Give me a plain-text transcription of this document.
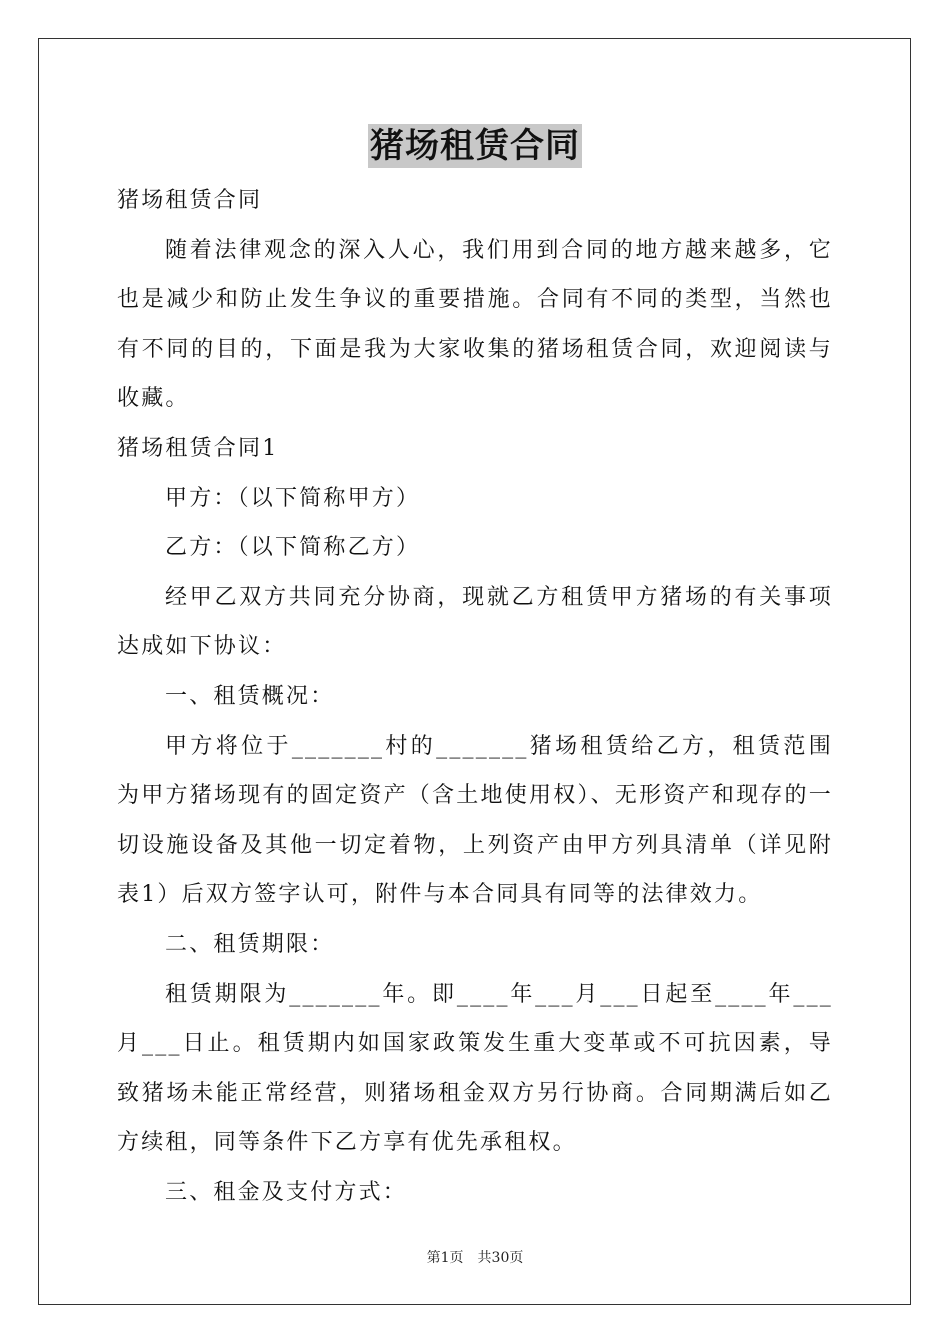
猪场租赁合同

猪场租赁合同

随着法律观念的深入人心，我们用到合同的地方越来越多，它也是减少和防止发生争议的重要措施。合同有不同的类型，当然也有不同的目的，下面是我为大家收集的猪场租赁合同，欢迎阅读与收藏。

猪场租赁合同1

甲方：（以下简称甲方）

乙方：（以下简称乙方）

经甲乙双方共同充分协商，现就乙方租赁甲方猪场的有关事项达成如下协议：

一、租赁概况：

甲方将位于_______村的_______猪场租赁给乙方，租赁范围为甲方猪场现有的固定资产（含土地使用权）、无形资产和现存的一切设施设备及其他一切定着物，上列资产由甲方列具清单（详见附表1）后双方签字认可，附件与本合同具有同等的法律效力。

二、租赁期限：

租赁期限为_______年。即____年___月___日起至____年___月___日止。租赁期内如国家政策发生重大变革或不可抗因素，导致猪场未能正常经营，则猪场租金双方另行协商。合同期满后如乙方续租，同等条件下乙方享有优先承租权。

三、租金及支付方式：

第1页　共30页
